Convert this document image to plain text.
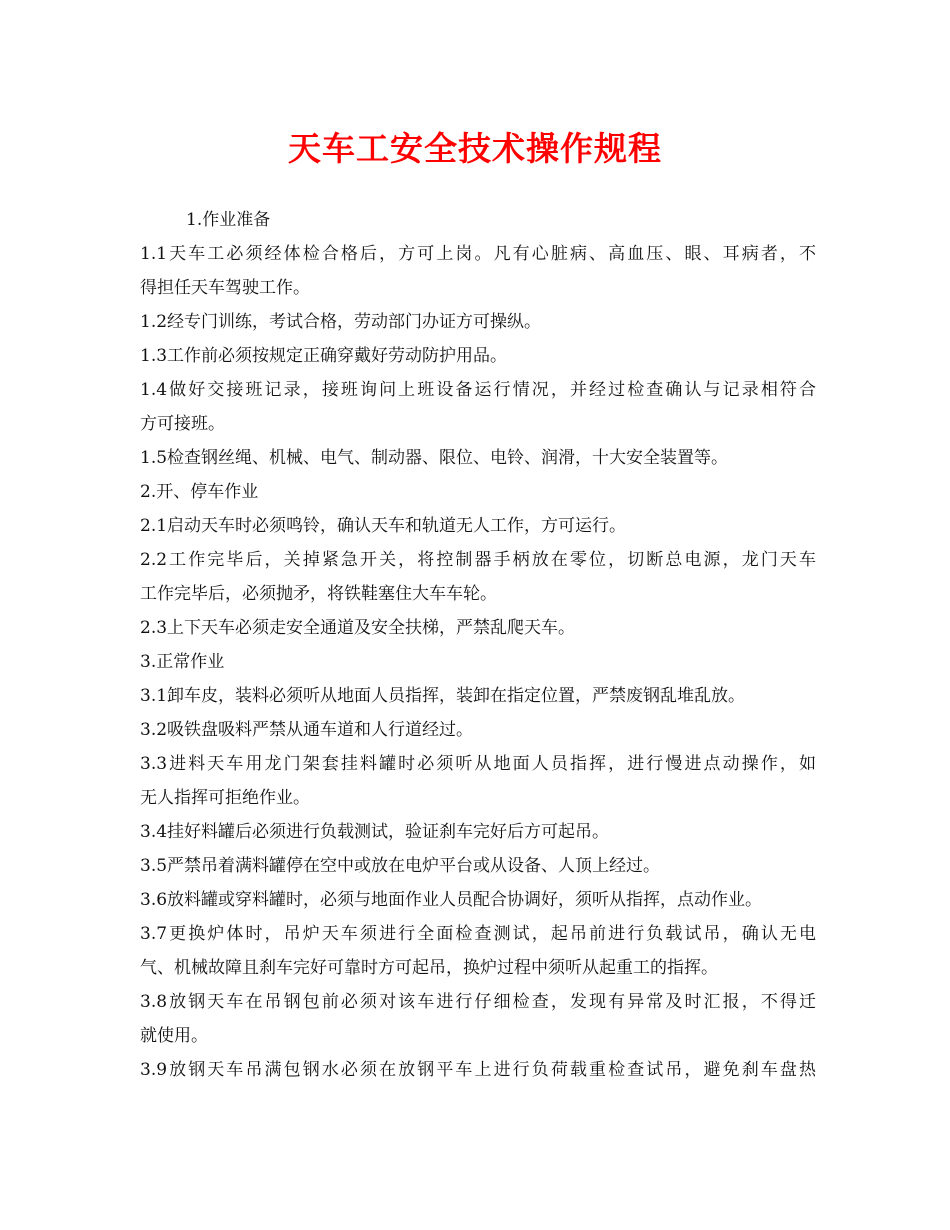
天车工安全技术操作规程
1.作业准备
1.1天车工必须经体检合格后，方可上岗。凡有心脏病、高血压、眼、耳病者，不
得担任天车驾驶工作。
1.2经专门训练，考试合格，劳动部门办证方可操纵。
1.3工作前必须按规定正确穿戴好劳动防护用品。
1.4做好交接班记录，接班询问上班设备运行情况，并经过检查确认与记录相符合
方可接班。
1.5检查钢丝绳、机械、电气、制动器、限位、电铃、润滑，十大安全装置等。
2.开、停车作业
2.1启动天车时必须鸣铃，确认天车和轨道无人工作，方可运行。
2.2工作完毕后，关掉紧急开关，将控制器手柄放在零位，切断总电源，龙门天车
工作完毕后，必须抛矛，将铁鞋塞住大车车轮。
2.3上下天车必须走安全通道及安全扶梯，严禁乱爬天车。
3.正常作业
3.1卸车皮，装料必须听从地面人员指挥，装卸在指定位置，严禁废钢乱堆乱放。
3.2吸铁盘吸料严禁从通车道和人行道经过。
3.3进料天车用龙门架套挂料罐时必须听从地面人员指挥，进行慢进点动操作，如
无人指挥可拒绝作业。
3.4挂好料罐后必须进行负载测试，验证刹车完好后方可起吊。
3.5严禁吊着满料罐停在空中或放在电炉平台或从设备、人顶上经过。
3.6放料罐或穿料罐时，必须与地面作业人员配合协调好，须听从指挥，点动作业。
3.7更换炉体时，吊炉天车须进行全面检查测试，起吊前进行负载试吊，确认无电
气、机械故障且刹车完好可靠时方可起吊，换炉过程中须听从起重工的指挥。
3.8放钢天车在吊钢包前必须对该车进行仔细检查，发现有异常及时汇报，不得迁
就使用。
3.9放钢天车吊满包钢水必须在放钢平车上进行负荷载重检查试吊，避免刹车盘热
